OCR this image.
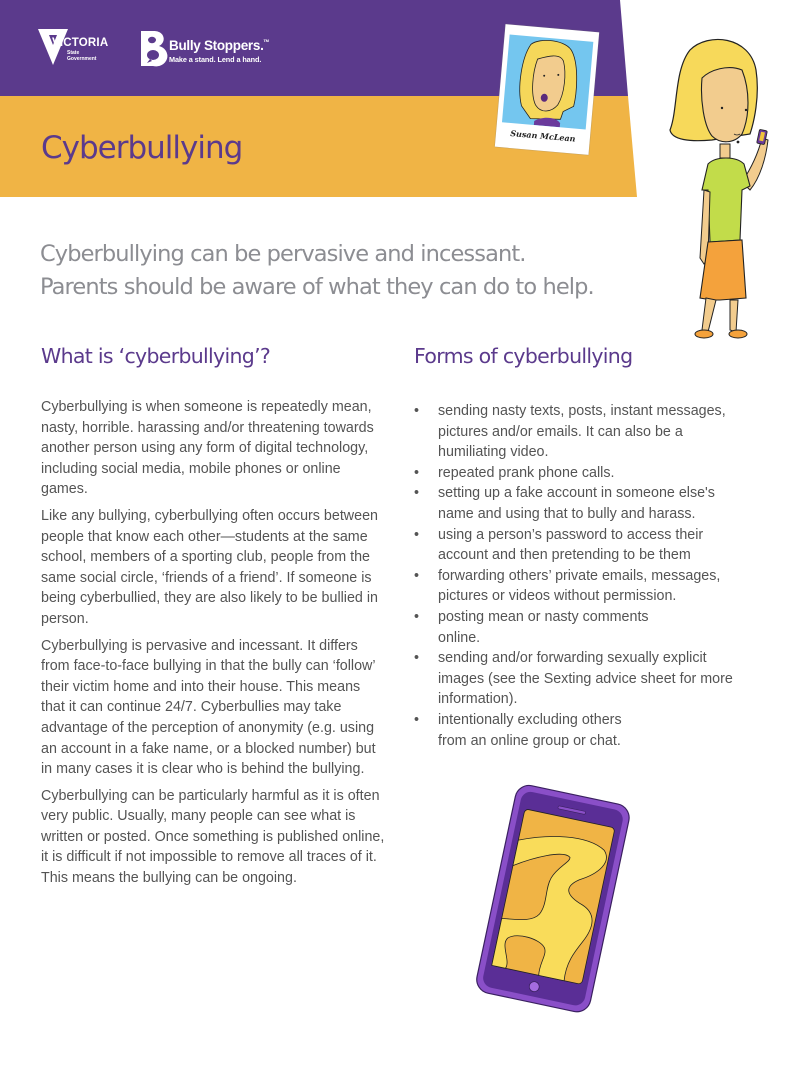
VICTORIA
State
Government
Bully Stoppers.™
Make a stand. Lend a hand.
Cyberbullying	Susan McLean
Cyberbullying can be pervasive and incessant.
Parents should be aware of what they can do to help.
What is ‘cyberbullying’?

Cyberbullying is when someone is repeatedly mean, nasty, horrible. harassing and/or threatening towards another person using any form of digital technology, including social media, mobile phones or online games.

Like any bullying, cyberbullying often occurs between people that know each other—students at the same school, members of a sporting club, people from the same social circle, ‘friends of a friend’. If someone is being cyberbullied, they are also likely to be bullied in person.

Cyberbullying is pervasive and incessant. It differs from face-to-face bullying in that the bully can ‘follow’ their victim home and into their house. This means that it can continue 24/7. Cyberbullies may take advantage of the perception of anonymity (e.g. using an account in a fake name, or a blocked number) but in many cases it is clear who is behind the bullying.

Cyberbullying can be particularly harmful as it is often very public. Usually, many people can see what is written or posted. Once something is published online, it is difficult if not impossible to remove all traces of it. This means the bullying can be ongoing.

Forms of cyberbullying
• sending nasty texts, posts, instant messages, pictures and/or emails. It can also be a humiliating video.
• repeated prank phone calls.
• setting up a fake account in someone else's name and using that to bully and harass.
• using a person’s password to access their account and then pretending to be them
• forwarding others’ private emails, messages, pictures or videos without permission.
• posting mean or nasty comments online.
• sending and/or forwarding sexually explicit images (see the Sexting advice sheet for more information).
• intentionally excluding others from an online group or chat.
